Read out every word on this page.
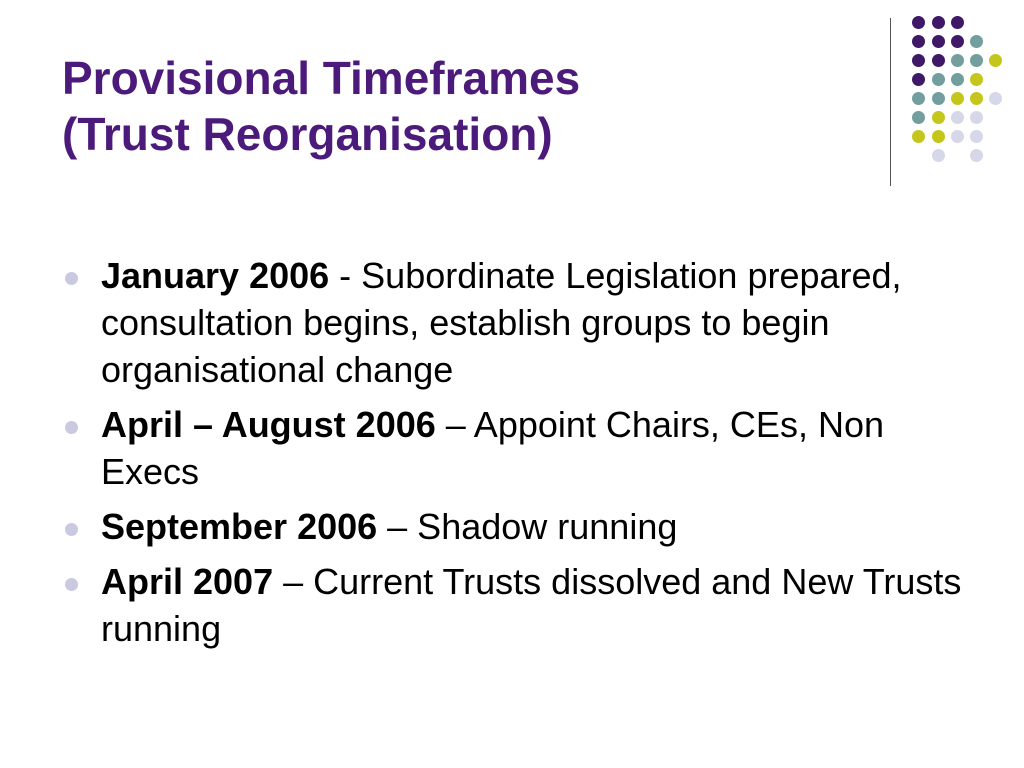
Provisional Timeframes
(Trust Reorganisation)
January 2006 - Subordinate Legislation prepared, consultation begins, establish groups to begin organisational change
April – August 2006 – Appoint Chairs, CEs, Non Execs
September 2006 – Shadow running
April 2007 – Current Trusts dissolved and New Trusts running
